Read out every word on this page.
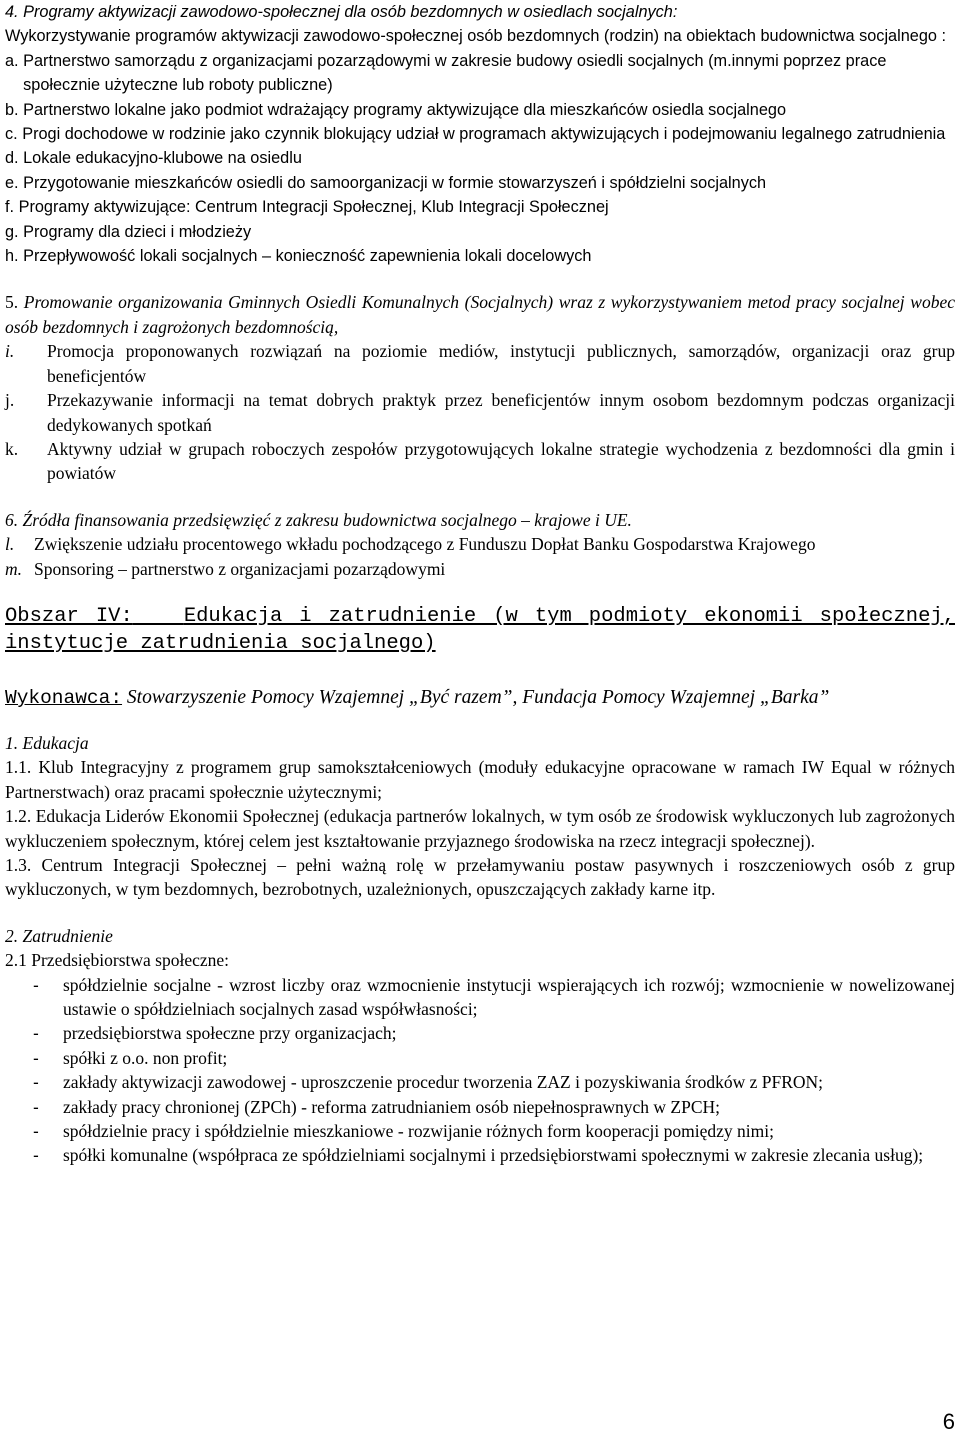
4. Programy aktywizacji zawodowo-społecznej dla osób bezdomnych w osiedlach socjalnych:

Wykorzystywanie programów aktywizacji zawodowo-społecznej osób bezdomnych (rodzin) na obiektach budownictwa socjalnego :

a.
Partnerstwo samorządu z organizacjami pozarządowymi w zakresie budowy osiedli socjalnych (m.innymi poprzez prace społecznie użyteczne lub roboty publiczne)
b.
Partnerstwo lokalne jako podmiot wdrażający programy aktywizujące dla mieszkańców osiedla socjalnego
c.
Progi dochodowe w rodzinie jako czynnik blokujący udział w programach aktywizujących i podejmowaniu legalnego zatrudnienia
d.
Lokale edukacyjno-klubowe na osiedlu
e.
Przygotowanie mieszkańców osiedli do samoorganizacji w formie stowarzyszeń i spółdzielni socjalnych
f.
Programy aktywizujące: Centrum Integracji Społecznej, Klub Integracji Społecznej
g.
Programy dla dzieci i młodzieży
h.
Przepływowość lokali socjalnych – konieczność zapewnienia lokali docelowych

5. Promowanie organizowania Gminnych Osiedli Komunalnych (Socjalnych) wraz z wykorzystywaniem metod pracy socjalnej wobec osób bezdomnych i zagrożonych bezdomnością,

i.	Promocja proponowanych rozwiązań na poziomie mediów, instytucji publicznych, samorządów, organizacji oraz grup beneficjentów
j.	Przekazywanie informacji na temat dobrych praktyk przez beneficjentów innym osobom bezdomnym podczas organizacji dedykowanych spotkań
k.	Aktywny udział w grupach roboczych zespołów przygotowujących lokalne strategie wychodzenia z bezdomności dla gmin i powiatów

6. Źródła finansowania przedsięwzięć z zakresu budownictwa socjalnego – krajowe i UE.

l.	Zwiększenie udziału procentowego wkładu pochodzącego z Funduszu Dopłat Banku Gospodarstwa Krajowego
m. Sponsoring – partnerstwo z organizacjami pozarządowymi

Obszar IV: Edukacja i zatrudnienie (w tym podmioty ekonomii społecznej, instytucje zatrudnienia socjalnego)

Wykonawca: Stowarzyszenie Pomocy Wzajemnej „Być razem”, Fundacja Pomocy Wzajemnej „Barka”

1. Edukacja

1.1. Klub Integracyjny z programem grup samokształceniowych (moduły edukacyjne opracowane w ramach IW Equal w różnych Partnerstwach) oraz pracami społecznie użytecznymi;

1.2. Edukacja Liderów Ekonomii Społecznej (edukacja partnerów lokalnych, w tym osób ze środowisk wykluczonych lub zagrożonych wykluczeniem społecznym, której celem jest kształtowanie przyjaznego środowiska na rzecz integracji społecznej).

1.3. Centrum Integracji Społecznej – pełni ważną rolę w przełamywaniu postaw pasywnych i roszczeniowych osób z grup wykluczonych, w tym bezdomnych, bezrobotnych, uzależnionych, opuszczających zakłady karne itp.

2. Zatrudnienie

2.1 Przedsiębiorstwa społeczne:

-	spółdzielnie socjalne - wzrost liczby oraz wzmocnienie instytucji wspierających ich rozwój; wzmocnienie w nowelizowanej ustawie o spółdzielniach socjalnych zasad współwłasności;
-	przedsiębiorstwa społeczne przy organizacjach;
-	spółki z o.o. non profit;
-	zakłady aktywizacji zawodowej - uproszczenie procedur tworzenia ZAZ i pozyskiwania środków z PFRON;
-	zakłady pracy chronionej (ZPCh) - reforma zatrudnianiem osób niepełnosprawnych w ZPCH;
-	spółdzielnie pracy i spółdzielnie mieszkaniowe - rozwijanie różnych form kooperacji pomiędzy nimi;
-	spółki komunalne (współpraca ze spółdzielniami socjalnymi i przedsiębiorstwami społecznymi w zakresie zlecania usług);
6
